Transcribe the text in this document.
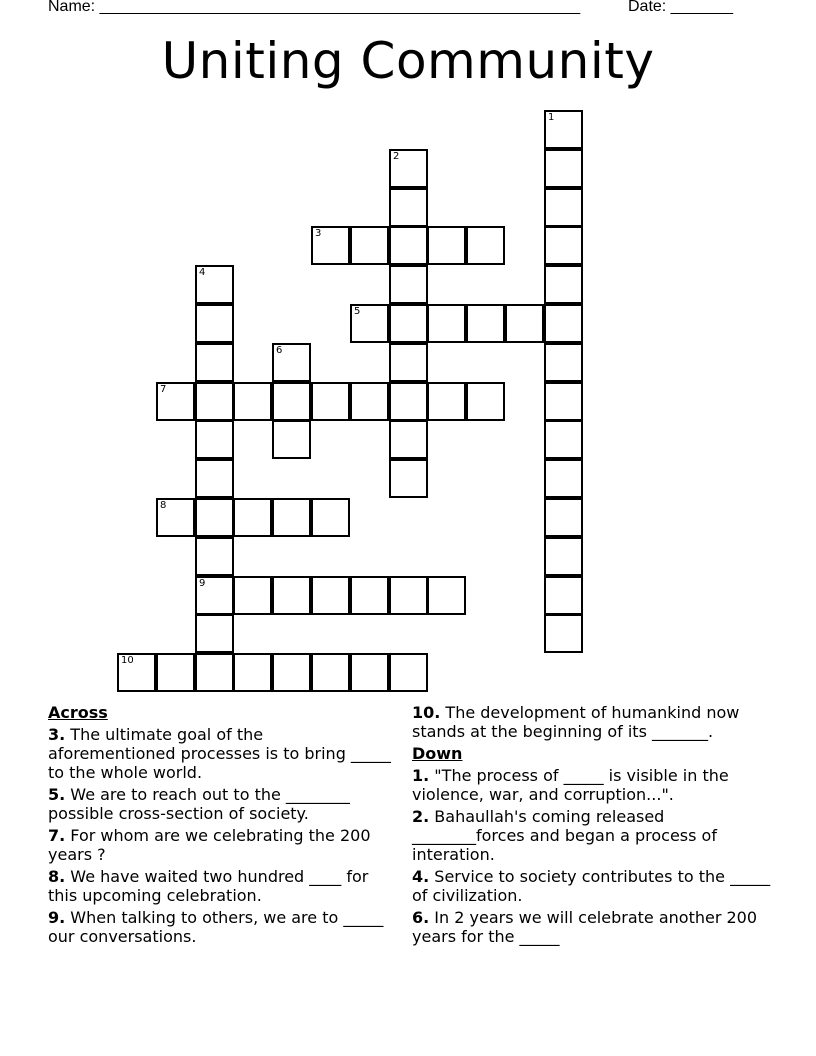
Name: ______________________________________________________	Date: _______
Uniting Community
1
2
3
4
9
5
6
7
8
10
Across
3. The ultimate goal of the aforementioned processes is to bring _____ to the whole world.
5. We are to reach out to the ________ possible cross-section of society.
7. For whom are we celebrating the 200 years ?
8. We have waited two hundred ____ for this upcoming celebration.
9. When talking to others, we are to _____ our conversations.
10. The development of humankind now stands at the beginning of its _______.
Down
1. "The process of _____ is visible in the violence, war, and corruption...".
2. Bahaullah's coming released ________forces and began a process of interation.
4. Service to society contributes to the _____ of civilization.
6. In 2 years we will celebrate another 200 years for the _____
